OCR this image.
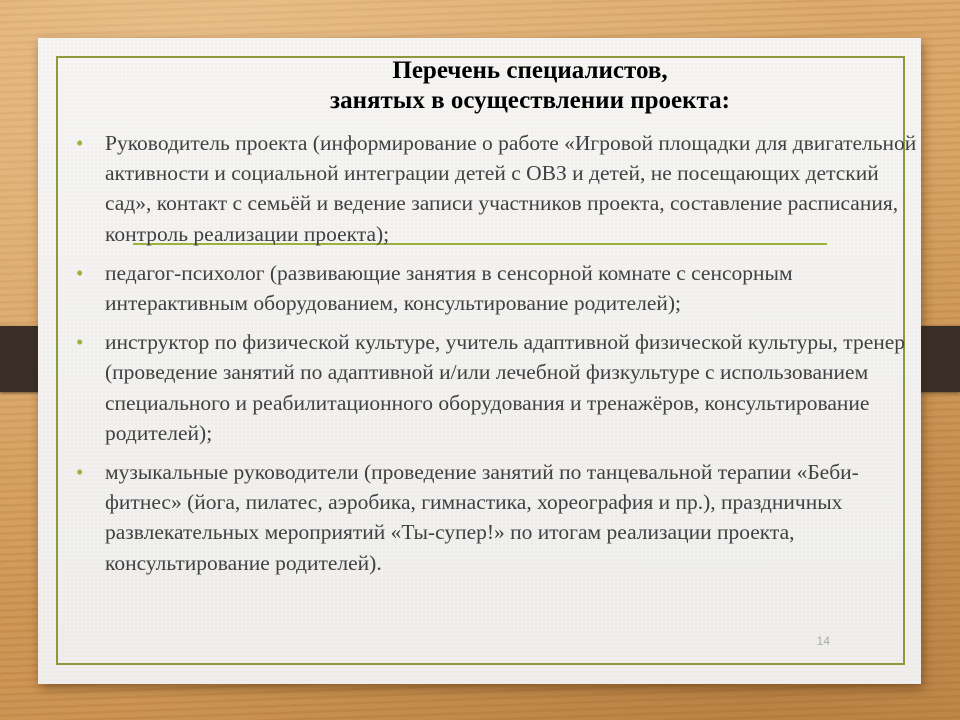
Перечень специалистов,
занятых в осуществлении проекта:
• Руководитель проекта (информирование о работе «Игровой площадки для двигательной активности и социальной интеграции детей с ОВЗ и детей, не посещающих детский сад», контакт с семьёй и ведение записи участников проекта, составление расписания, контроль реализации проекта);
• педагог-психолог (развивающие занятия в сенсорной комнате с сенсорным интерактивным оборудованием, консультирование родителей);
• инструктор по физической культуре, учитель адаптивной физической культуры, тренер (проведение занятий по адаптивной и/или лечебной физкультуре с использованием специального и реабилитационного оборудования и тренажёров, консультирование родителей);
• музыкальные руководители (проведение занятий по танцевальной терапии «Беби-фитнес» (йога, пилатес, аэробика, гимнастика, хореография и пр.), праздничных развлекательных мероприятий «Ты-супер!» по итогам реализации проекта, консультирование родителей).
14
